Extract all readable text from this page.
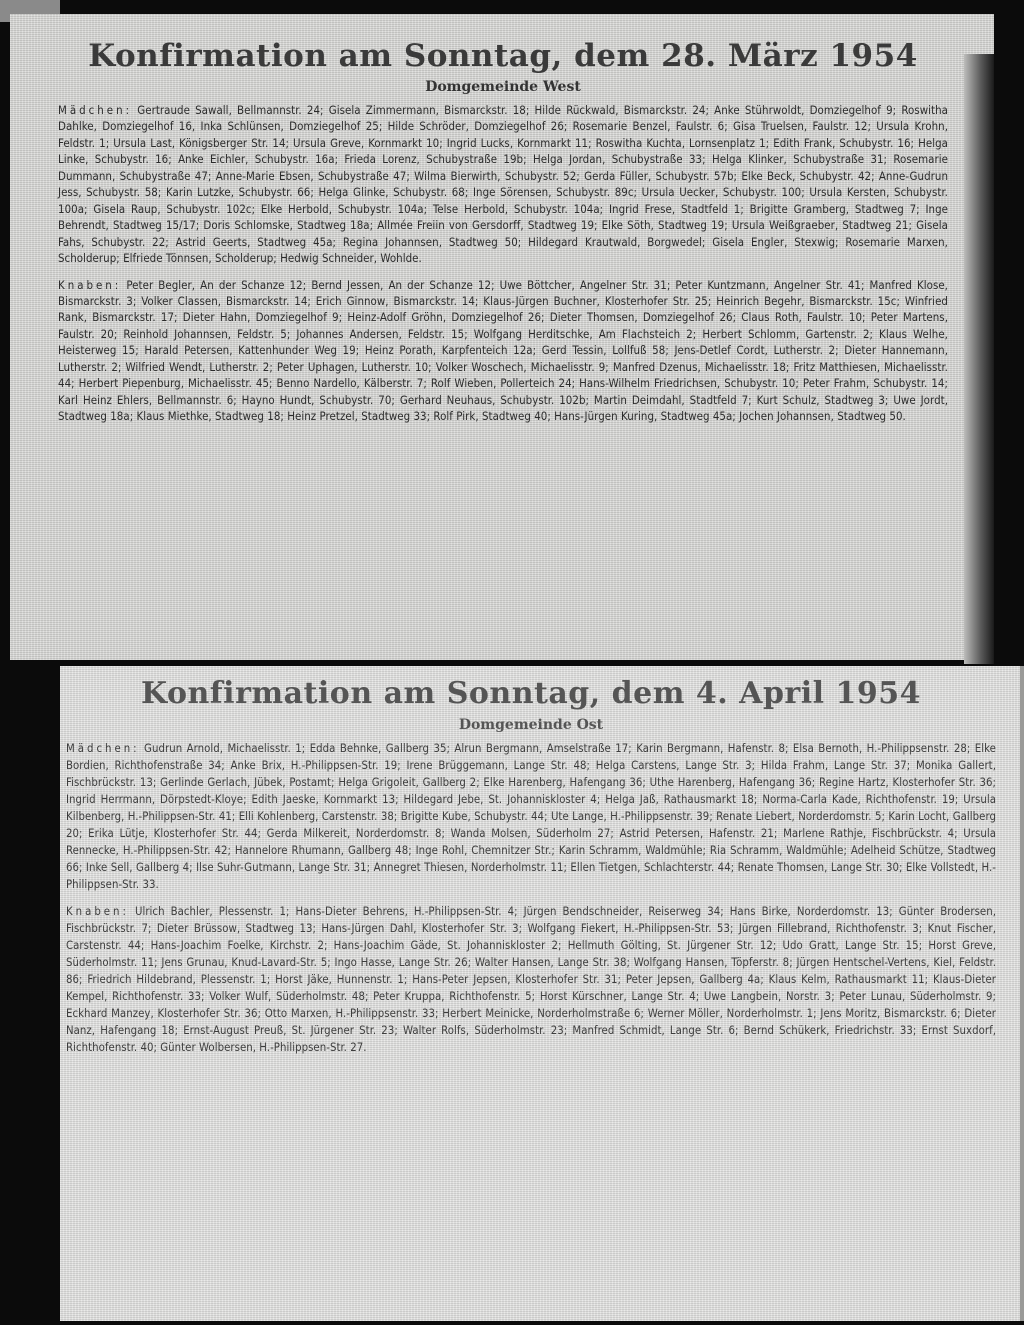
Konfirmation am Sonntag, dem 28. März 1954
Domgemeinde West

Mädchen: Gertraude Sawall, Bellmannstr. 24; Gisela Zimmermann, Bismarckstr. 18; Hilde Rückwald, Bismarckstr. 24; Anke Stührwoldt, Domziegelhof 9; Roswitha Dahlke, Domziegelhof 16, Inka Schlünsen, Domziegelhof 25; Hilde Schröder, Domziegelhof 26; Rosemarie Benzel, Faulstr. 6; Gisa Truelsen, Faulstr. 12; Ursula Krohn, Feldstr. 1; Ursula Last, Königsberger Str. 14; Ursula Greve, Kornmarkt 10; Ingrid Lucks, Kornmarkt 11; Roswitha Kuchta, Lornsenplatz 1; Edith Frank, Schubystr. 16; Helga Linke, Schubystr. 16; Anke Eichler, Schubystr. 16a; Frieda Lorenz, Schubystraße 19b; Helga Jordan, Schubystraße 33; Helga Klinker, Schubystraße 31; Rosemarie Dummann, Schubystraße 47; Anne-Marie Ebsen, Schubystraße 47; Wilma Bierwirth, Schubystr. 52; Gerda Füller, Schubystr. 57b; Elke Beck, Schubystr. 42; Anne-Gudrun Jess, Schubystr. 58; Karin Lutzke, Schubystr. 66; Helga Glinke, Schubystr. 68; Inge Sörensen, Schubystr. 89c; Ursula Uecker, Schubystr. 100; Ursula Kersten, Schubystr. 100a; Gisela Raup, Schubystr. 102c; Elke Herbold, Schubystr. 104a; Telse Herbold, Schubystr. 104a; Ingrid Frese, Stadtfeld 1; Brigitte Gramberg, Stadtweg 7; Inge Behrendt, Stadtweg 15/17; Doris Schlomske, Stadtweg 18a; Allmée Freiin von Gersdorff, Stadtweg 19; Elke Söth, Stadtweg 19; Ursula Weißgraeber, Stadtweg 21; Gisela Fahs, Schubystr. 22; Astrid Geerts, Stadtweg 45a; Regina Johannsen, Stadtweg 50; Hildegard Krautwald, Borgwedel; Gisela Engler, Stexwig; Rosemarie Marxen, Scholderup; Elfriede Tönnsen, Scholderup; Hedwig Schneider, Wohlde.

Knaben: Peter Begler, An der Schanze 12; Bernd Jessen, An der Schanze 12; Uwe Böttcher, Angelner Str. 31; Peter Kuntzmann, Angelner Str. 41; Manfred Klose, Bismarckstr. 3; Volker Classen, Bismarckstr. 14; Erich Ginnow, Bismarckstr. 14; Klaus-Jürgen Buchner, Klosterhofer Str. 25; Heinrich Begehr, Bismarckstr. 15c; Winfried Rank, Bismarckstr. 17; Dieter Hahn, Domziegelhof 9; Heinz-Adolf Gröhn, Domziegelhof 26; Dieter Thomsen, Domziegelhof 26; Claus Roth, Faulstr. 10; Peter Martens, Faulstr. 20; Reinhold Johannsen, Feldstr. 5; Johannes Andersen, Feldstr. 15; Wolfgang Herditschke, Am Flachsteich 2; Herbert Schlomm, Gartenstr. 2; Klaus Welhe, Heisterweg 15; Harald Petersen, Kattenhunder Weg 19; Heinz Porath, Karpfenteich 12a; Gerd Tessin, Lollfuß 58; Jens-Detlef Cordt, Lutherstr. 2; Dieter Hannemann, Lutherstr. 2; Wilfried Wendt, Lutherstr. 2; Peter Uphagen, Lutherstr. 10; Volker Woschech, Michaelisstr. 9; Manfred Dzenus, Michaelisstr. 18; Fritz Matthiesen, Michaelisstr. 44; Herbert Piepenburg, Michaelisstr. 45; Benno Nardello, Kälberstr. 7; Rolf Wieben, Pollerteich 24; Hans-Wilhelm Friedrichsen, Schubystr. 10; Peter Frahm, Schubystr. 14; Karl Heinz Ehlers, Bellmannstr. 6; Hayno Hundt, Schubystr. 70; Gerhard Neuhaus, Schubystr. 102b; Martin Deimdahl, Stadtfeld 7; Kurt Schulz, Stadtweg 3; Uwe Jordt, Stadtweg 18a; Klaus Miethke, Stadtweg 18; Heinz Pretzel, Stadtweg 33; Rolf Pirk, Stadtweg 40; Hans-Jürgen Kuring, Stadtweg 45a; Jochen Johannsen, Stadtweg 50.

Konfirmation am Sonntag, dem 4. April 1954
Domgemeinde Ost

Mädchen: Gudrun Arnold, Michaelisstr. 1; Edda Behnke, Gallberg 35; Alrun Bergmann, Amselstraße 17; Karin Bergmann, Hafenstr. 8; Elsa Bernoth, H.-Philippsenstr. 28; Elke Bordien, Richthofenstraße 34; Anke Brix, H.-Philippsen-Str. 19; Irene Brüggemann, Lange Str. 48; Helga Carstens, Lange Str. 3; Hilda Frahm, Lange Str. 37; Monika Gallert, Fischbrückstr. 13; Gerlinde Gerlach, Jübek, Postamt; Helga Grigoleit, Gallberg 2; Elke Harenberg, Hafengang 36; Uthe Harenberg, Hafengang 36; Regine Hartz, Klosterhofer Str. 36; Ingrid Herrmann, Dörpstedt-Kloye; Edith Jaeske, Kornmarkt 13; Hildegard Jebe, St. Johanniskloster 4; Helga Jaß, Rathausmarkt 18; Norma-Carla Kade, Richthofenstr. 19; Ursula Kilbenberg, H.-Philippsen-Str. 41; Elli Kohlenberg, Carstenstr. 38; Brigitte Kube, Schubystr. 44; Ute Lange, H.-Philippsenstr. 39; Renate Liebert, Norderdomstr. 5; Karin Locht, Gallberg 20; Erika Lütje, Klosterhofer Str. 44; Gerda Milkereit, Norderdomstr. 8; Wanda Molsen, Süderholm 27; Astrid Petersen, Hafenstr. 21; Marlene Rathje, Fischbrückstr. 4; Ursula Rennecke, H.-Philippsen-Str. 42; Hannelore Rhumann, Gallberg 48; Inge Rohl, Chemnitzer Str.; Karin Schramm, Waldmühle; Ria Schramm, Waldmühle; Adelheid Schütze, Stadtweg 66; Inke Sell, Gallberg 4; Ilse Suhr-Gutmann, Lange Str. 31; Annegret Thiesen, Norderholmstr. 11; Ellen Tietgen, Schlachterstr. 44; Renate Thomsen, Lange Str. 30; Elke Vollstedt, H.-Philippsen-Str. 33.

Knaben: Ulrich Bachler, Plessenstr. 1; Hans-Dieter Behrens, H.-Philippsen-Str. 4; Jürgen Bendschneider, Reiserweg 34; Hans Birke, Norderdomstr. 13; Günter Brodersen, Fischbrückstr. 7; Dieter Brüssow, Stadtweg 13; Hans-Jürgen Dahl, Klosterhofer Str. 3; Wolfgang Fiekert, H.-Philippsen-Str. 53; Jürgen Fillebrand, Richthofenstr. 3; Knut Fischer, Carstenstr. 44; Hans-Joachim Foelke, Kirchstr. 2; Hans-Joachim Gäde, St. Johanniskloster 2; Hellmuth Gölting, St. Jürgener Str. 12; Udo Gratt, Lange Str. 15; Horst Greve, Süderholmstr. 11; Jens Grunau, Knud-Lavard-Str. 5; Ingo Hasse, Lange Str. 26; Walter Hansen, Lange Str. 38; Wolfgang Hansen, Töpferstr. 8; Jürgen Hentschel-Vertens, Kiel, Feldstr. 86; Friedrich Hildebrand, Plessenstr. 1; Horst Jäke, Hunnenstr. 1; Hans-Peter Jepsen, Klosterhofer Str. 31; Peter Jepsen, Gallberg 4a; Klaus Kelm, Rathausmarkt 11; Klaus-Dieter Kempel, Richthofenstr. 33; Volker Wulf, Süderholmstr. 48; Peter Kruppa, Richthofenstr. 5; Horst Kürschner, Lange Str. 4; Uwe Langbein, Norstr. 3; Peter Lunau, Süderholmstr. 9; Eckhard Manzey, Klosterhofer Str. 36; Otto Marxen, H.-Philippsenstr. 33; Herbert Meinicke, Norderholmstraße 6; Werner Möller, Norderholmstr. 1; Jens Moritz, Bismarckstr. 6; Dieter Nanz, Hafengang 18; Ernst-August Preuß, St. Jürgener Str. 23; Walter Rolfs, Süderholmstr. 23; Manfred Schmidt, Lange Str. 6; Bernd Schükerk, Friedrichstr. 33; Ernst Suxdorf, Richthofenstr. 40; Günter Wolbersen, H.-Philippsen-Str. 27.
